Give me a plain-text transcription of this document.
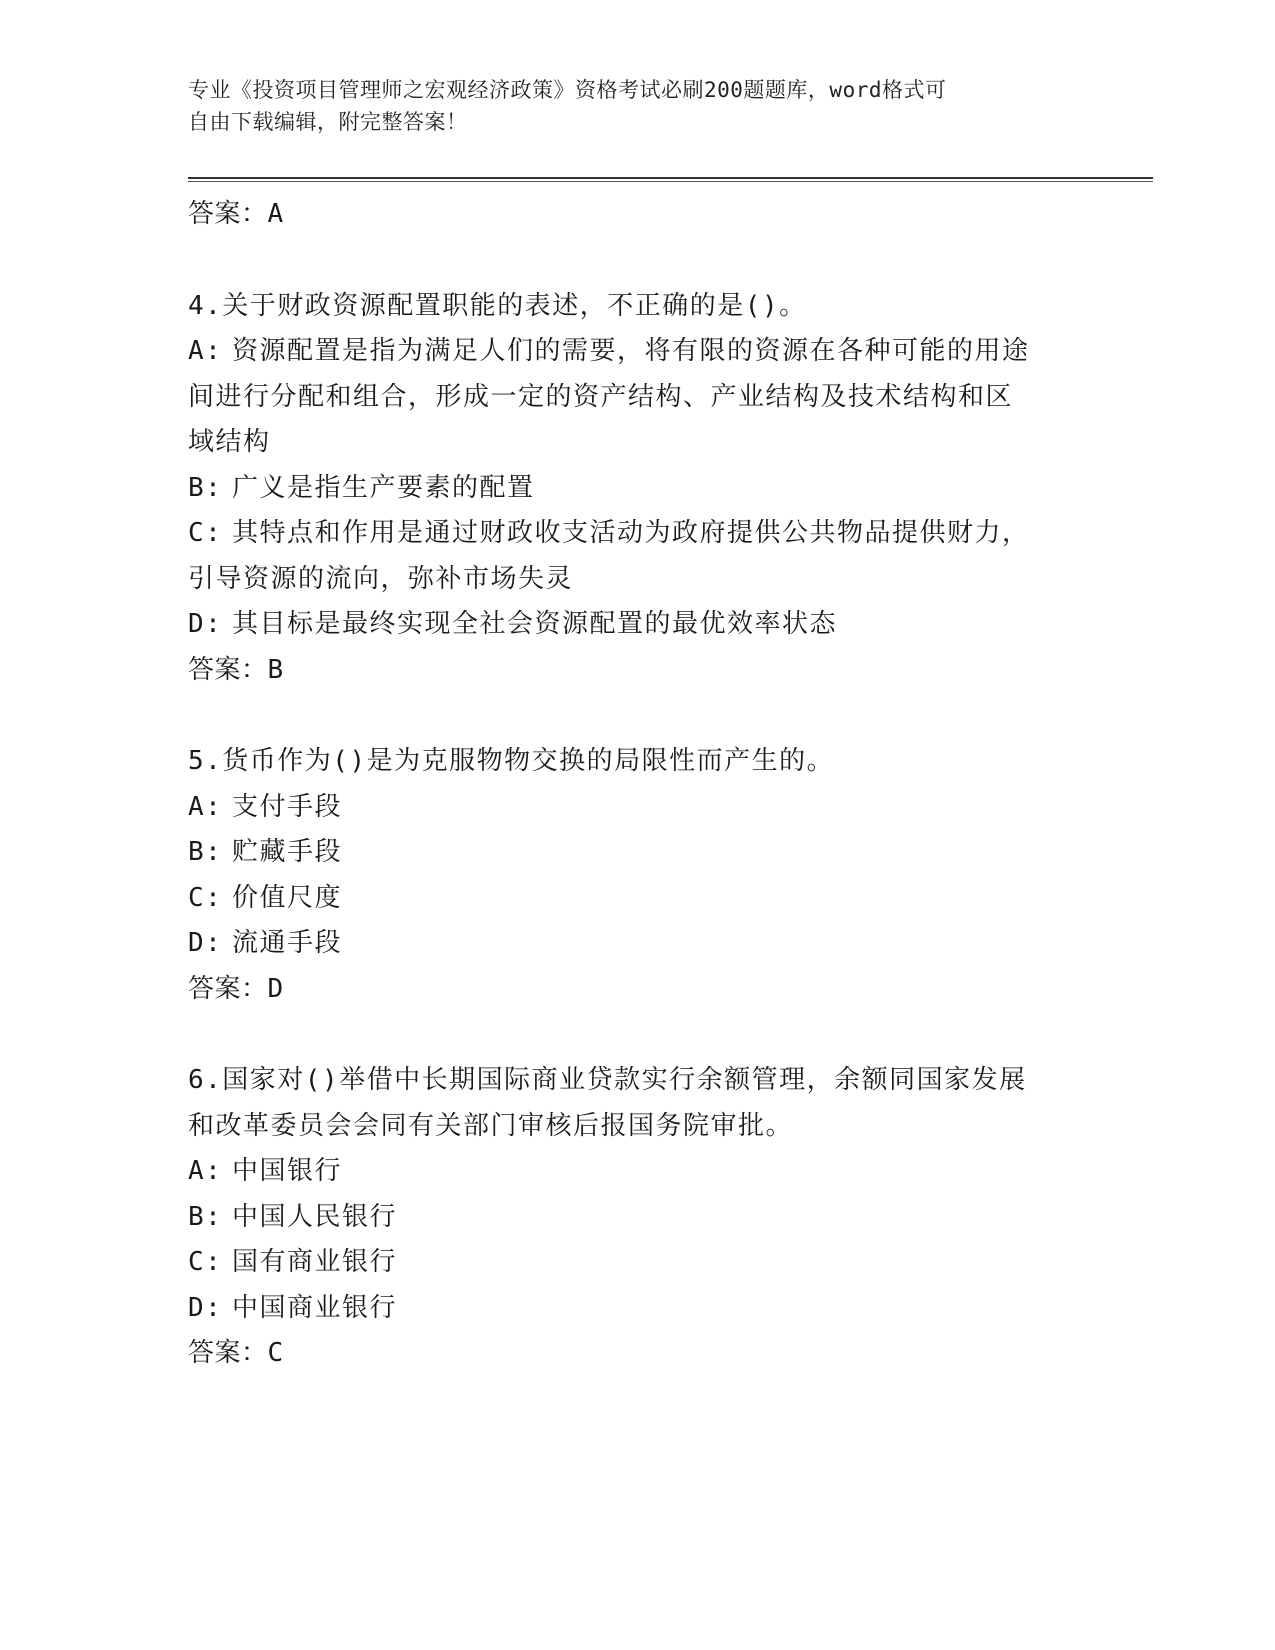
专业《投资项目管理师之宏观经济政策》资格考试必刷200题题库，word格式可
自由下载编辑，附完整答案！
答案：A
4.关于财政资源配置职能的表述，不正确的是()。
A: 资源配置是指为满足人们的需要，将有限的资源在各种可能的用途
间进行分配和组合，形成一定的资产结构、产业结构及技术结构和区
域结构
B: 广义是指生产要素的配置
C: 其特点和作用是通过财政收支活动为政府提供公共物品提供财力，
引导资源的流向，弥补市场失灵
D: 其目标是最终实现全社会资源配置的最优效率状态
答案：B
5.货币作为()是为克服物物交换的局限性而产生的。
A: 支付手段
B: 贮藏手段
C: 价值尺度
D: 流通手段
答案：D
6.国家对()举借中长期国际商业贷款实行余额管理，余额同国家发展
和改革委员会会同有关部门审核后报国务院审批。
A: 中国银行
B: 中国人民银行
C: 国有商业银行
D: 中国商业银行
答案：C
